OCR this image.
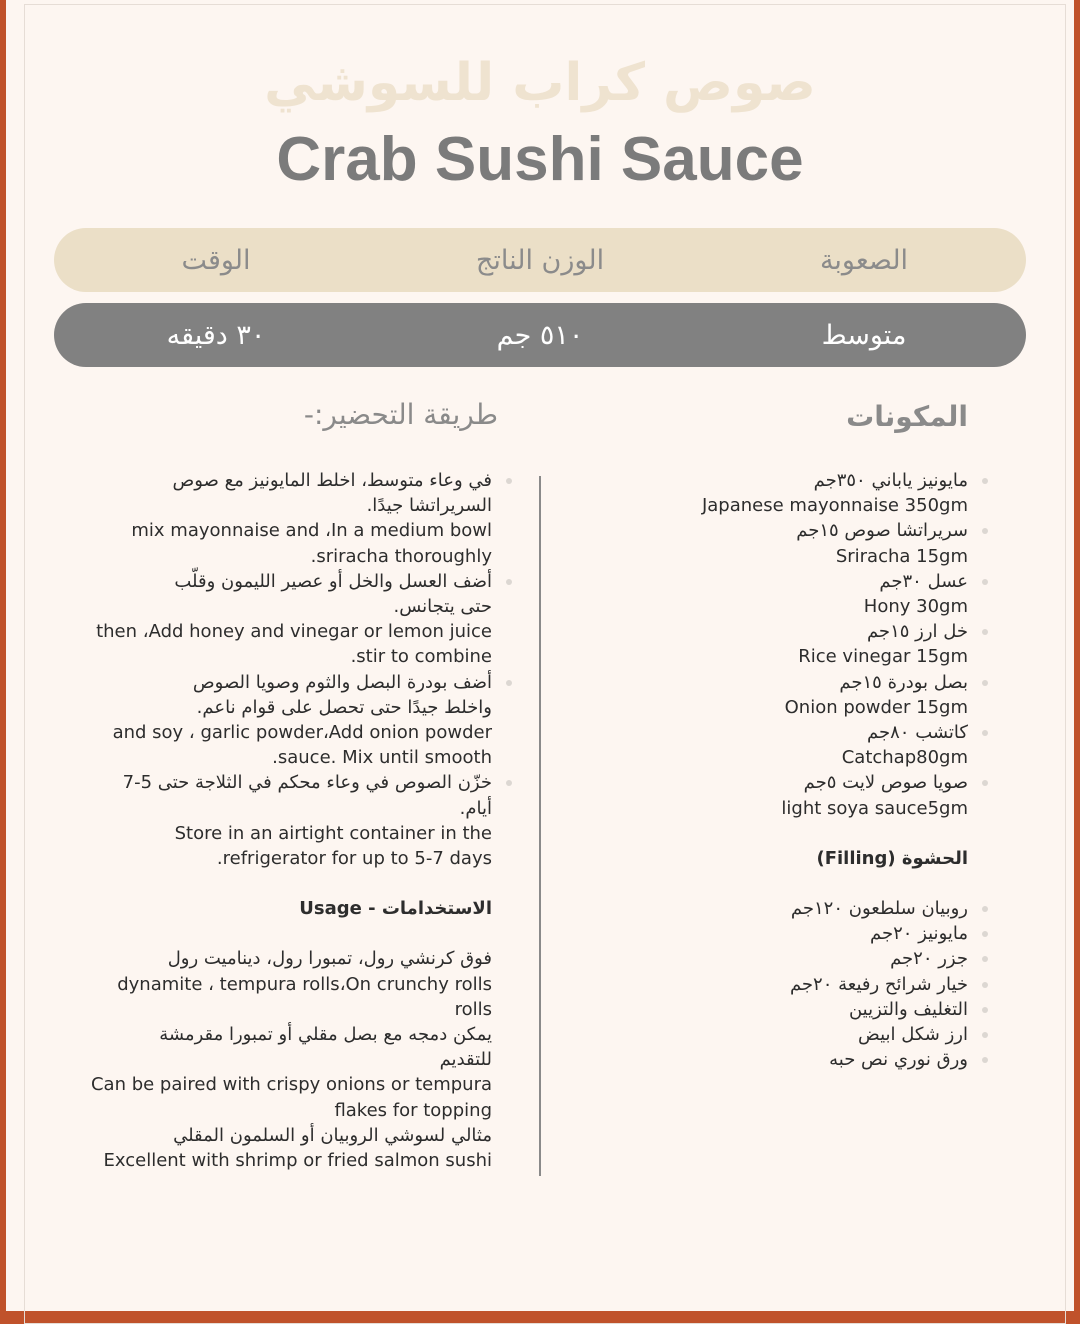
صوص كراب للسوشي
Crab Sushi Sauce
الصعوبة
الوزن الناتج
الوقت
متوسط
٥١٠ جم
٣٠ دقيقه
المكونات
طريقة التحضير:-
مايونيز ياباني ٣٥٠جم
Japanese mayonnaise 350gm
سريراتشا صوص ١٥جم
Sriracha 15gm
عسل ٣٠جم
Hony 30gm
خل ارز ١٥جم
Rice vinegar 15gm
بصل بودرة ١٥جم
Onion powder 15gm
كاتشب ٨٠جم
Catchap80gm
صويا صوص لايت ٥جم
light soya sauce5gm
الحشوة (Filling)
روبيان سلطعون ١٢٠جم
مايونيز ٢٠جم
جزر ٢٠جم
خيار شرائح رفيعة ٢٠جم
التغليف والتزيين
ارز شكل ابيض
ورق نوري نص حبه
في وعاء متوسط، اخلط المايونيز مع صوص
السريراتشا جيدًا.
mix mayonnaise and ،In a medium bowl
sriracha thoroughly.
أضف العسل والخل أو عصير الليمون وقلّب
حتى يتجانس.
then ،Add honey and vinegar or lemon juice
stir to combine.
أضف بودرة البصل والثوم وصويا الصوص
واخلط جيدًا حتى تحصل على قوام ناعم.
and soy ، garlic powder،Add onion powder
sauce. Mix until smooth.
خزّن الصوص في وعاء محكم في الثلاجة حتى 5-7
أيام.
Store in an airtight container in the
refrigerator for up to 5-7 days.
الاستخدامات - Usage
فوق كرنشي رول، تمبورا رول، ديناميت رول
dynamite ، tempura rolls،On crunchy rolls
rolls
يمكن دمجه مع بصل مقلي أو تمبورا مقرمشة
للتقديم
Can be paired with crispy onions or tempura
flakes for topping
مثالي لسوشي الروبيان أو السلمون المقلي
Excellent with shrimp or fried salmon sushi
